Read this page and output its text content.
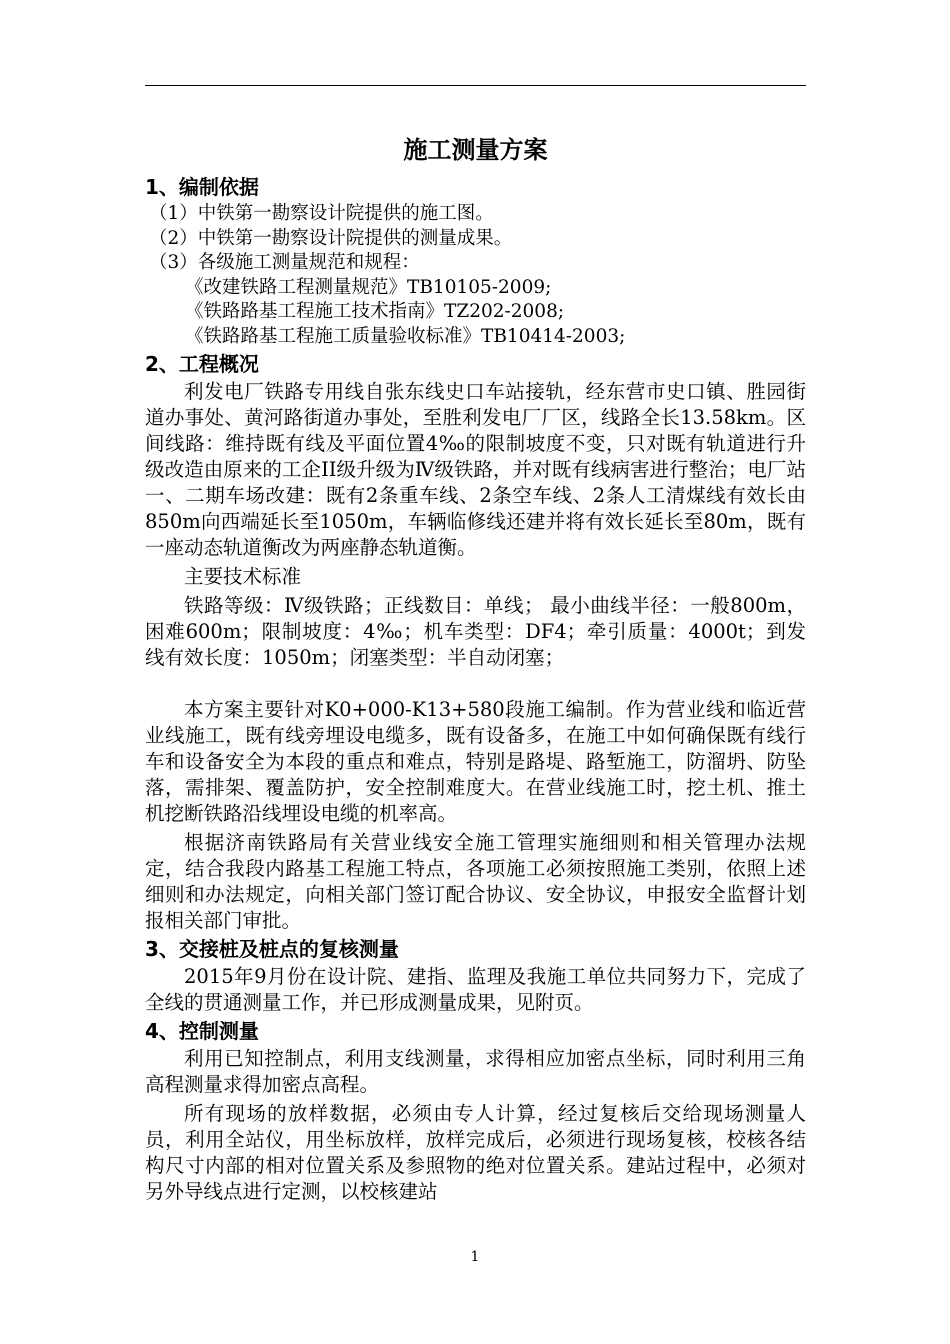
施工测量方案
1、编制依据

（1）中铁第一勘察设计院提供的施工图。

（2）中铁第一勘察设计院提供的测量成果。

（3）各级施工测量规范和规程：

《改建铁路工程测量规范》TB10105-2009;

《铁路路基工程施工技术指南》TZ202-2008;

《铁路路基工程施工质量验收标准》TB10414-2003;

2、工程概况

利发电厂铁路专用线自张东线史口车站接轨，经东营市史口镇、胜园街道办事处、黄河路街道办事处，至胜利发电厂厂区，线路全长13.58km。区间线路：维持既有线及平面位置4‰的限制坡度不变，只对既有轨道进行升级改造由原来的工企II级升级为Ⅳ级铁路，并对既有线病害进行整治；电厂站一、二期车场改建：既有2条重车线、2条空车线、2条人工清煤线有效长由850m向西端延长至1050m，车辆临修线还建并将有效长延长至80m，既有一座动态轨道衡改为两座静态轨道衡。

主要技术标准

铁路等级：Ⅳ级铁路；正线数目：单线； 最小曲线半径：一般800m，困难600m；限制坡度：4‰；机车类型：DF4；牵引质量：4000t；到发线有效长度：1050m；闭塞类型：半自动闭塞；

本方案主要针对K0+000-K13+580段施工编制。作为营业线和临近营业线施工，既有线旁埋设电缆多，既有设备多，在施工中如何确保既有线行车和设备安全为本段的重点和难点，特别是路堤、路堑施工，防溜坍、防坠落，需排架、覆盖防护，安全控制难度大。在营业线施工时，挖土机、推土机挖断铁路沿线埋设电缆的机率高。

根据济南铁路局有关营业线安全施工管理实施细则和相关管理办法规定，结合我段内路基工程施工特点，各项施工必须按照施工类别，依照上述细则和办法规定，向相关部门签订配合协议、安全协议，申报安全监督计划报相关部门审批。

3、交接桩及桩点的复核测量

2015年9月份在设计院、建指、监理及我施工单位共同努力下，完成了全线的贯通测量工作，并已形成测量成果，见附页。

4、控制测量

利用已知控制点，利用支线测量，求得相应加密点坐标，同时利用三角高程测量求得加密点高程。

所有现场的放样数据，必须由专人计算，经过复核后交给现场测量人员，利用全站仪，用坐标放样，放样完成后，必须进行现场复核，校核各结构尺寸内部的相对位置关系及参照物的绝对位置关系。建站过程中，必须对另外导线点进行定测，以校核建站

1
